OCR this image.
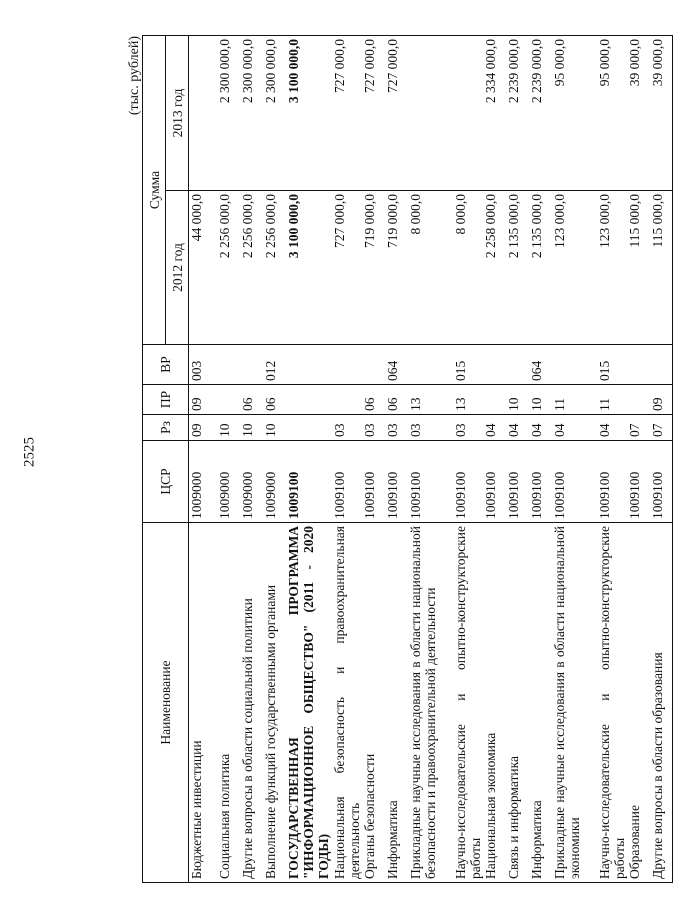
2525
(тыс. рублей)
Наименование	ЦСР	Рз	ПР	ВР	Сумма	
					2012 год	2013 год
Бюджетные инвестиции	1009000	09	09	003	44 000,0	
Социальная политика	1009000	10			2 256 000,0	2 300 000,0
Другие вопросы в области социальной политики	1009000	10	06		2 256 000,0	2 300 000,0
Выполнение функций государственными органами	1009000	10	06	012	2 256 000,0	2 300 000,0
ГОСУДАРСТВЕННАЯ ПРОГРАММА "ИНФОРМАЦИОННОЕ ОБЩЕСТВО" (2011 - 2020 ГОДЫ)	1009100				3 100 000,0	3 100 000,0
Национальная безопасность и правоохранительная деятельность	1009100	03			727 000,0	727 000,0
Органы безопасности	1009100	03	06		719 000,0	727 000,0
Информатика	1009100	03	06	064	719 000,0	727 000,0
Прикладные научные исследования в области национальной безопасности и правоохранительной деятельности	1009100	03	13		8 000,0	
Научно-исследовательские и опытно-конструкторские работы	1009100	03	13	015	8 000,0	
Национальная экономика	1009100	04			2 258 000,0	2 334 000,0
Связь и информатика	1009100	04	10		2 135 000,0	2 239 000,0
Информатика	1009100	04	10	064	2 135 000,0	2 239 000,0
Прикладные научные исследования в области национальной экономики	1009100	04	11		123 000,0	95 000,0
Научно-исследовательские и опытно-конструкторские работы	1009100	04	11	015	123 000,0	95 000,0
Образование	1009100	07			115 000,0	39 000,0
Другие вопросы в области образования	1009100	07	09		115 000,0	39 000,0
